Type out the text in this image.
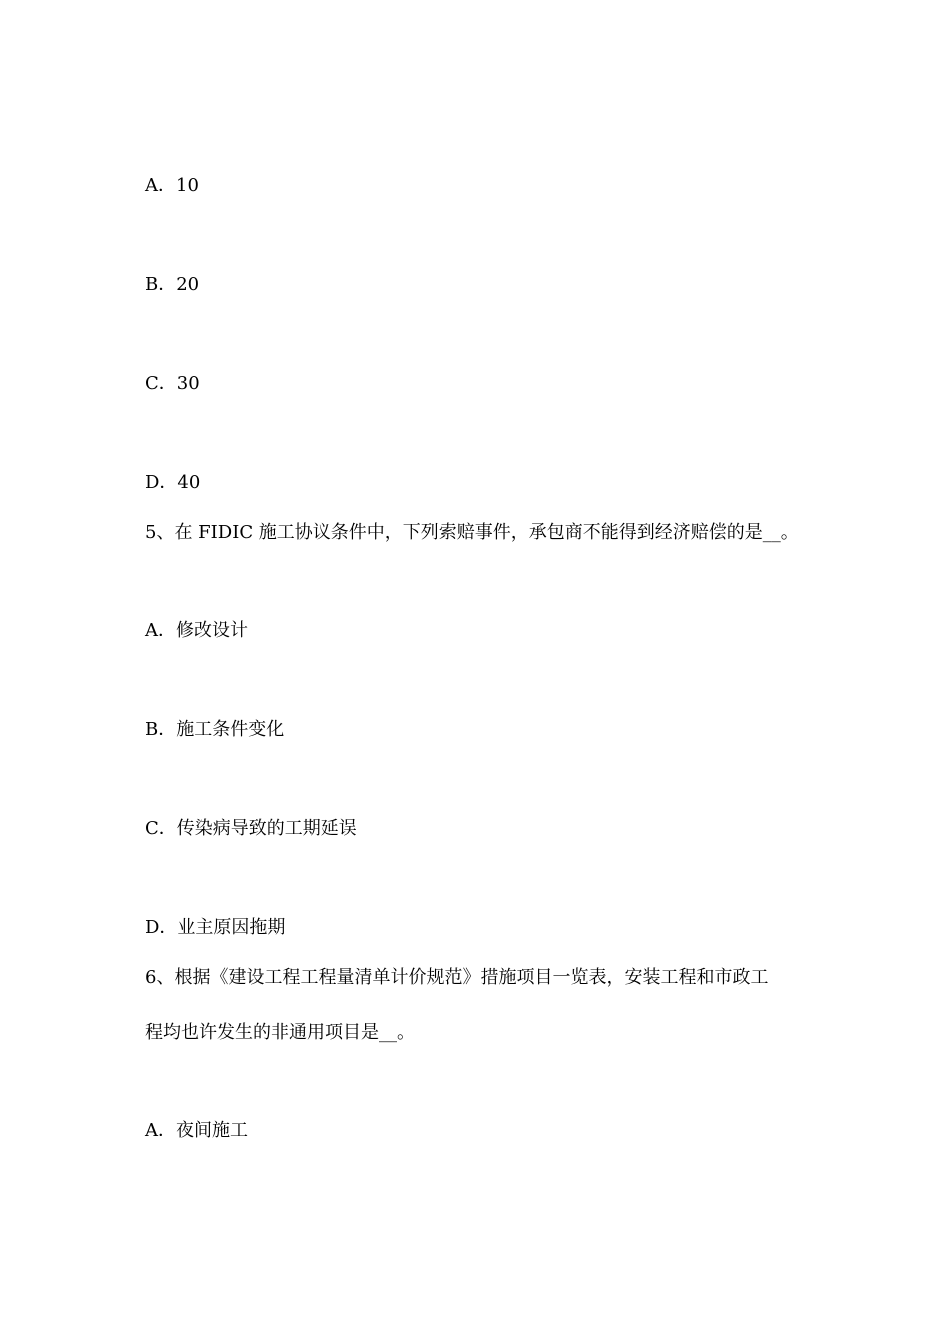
A．10
B．20
C．30
D．40
5、在 FIDIC 施工协议条件中，下列索赔事件，承包商不能得到经济赔偿的是__。
A．修改设计
B．施工条件变化
C．传染病导致的工期延误
D．业主原因拖期
6、根据《建设工程工程量清单计价规范》措施项目一览表，安装工程和市政工
程均也许发生的非通用项目是__。
A．夜间施工
